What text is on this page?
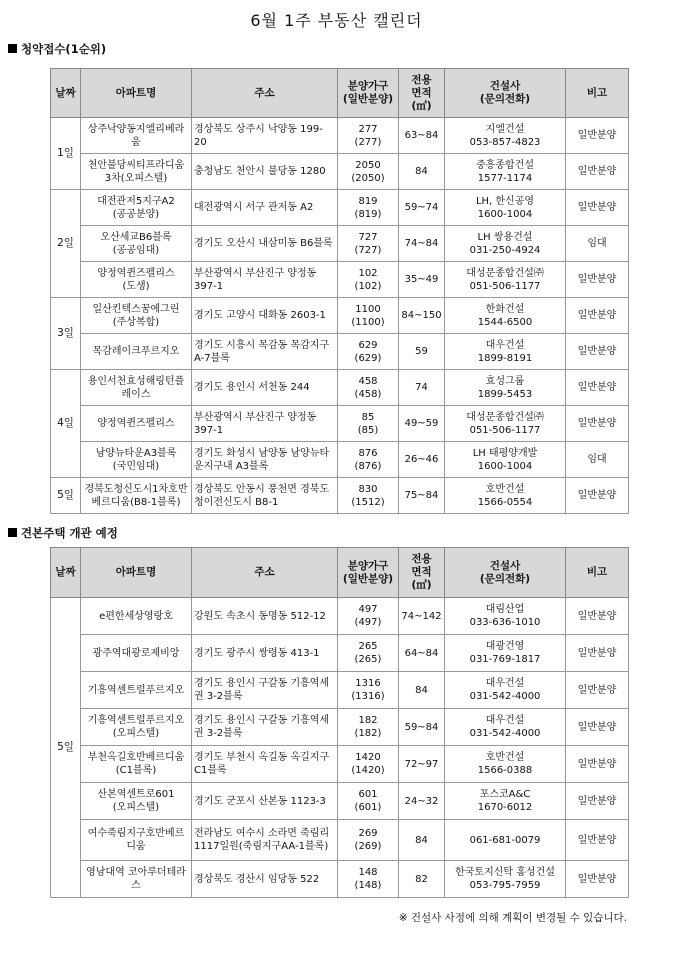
6월 1주 부동산 캘린더
청약접수(1순위)
날짜	아파트명	주소	분양가구
(일반분양)	전용
면적
(㎡)	건설사
(문의전화)	비고
1일	상주낙양동지엘리베라움	경상북도 상주시 낙양동 199-20	277
(277)	63~84	지엘건설
053-857-4823	일반분양
	천안불당씨티프라디움 3차(오피스텔)	충청남도 천안시 불당동 1280	2050
(2050)	84	중흥종합건설
1577-1174	일반분양
2일	대전관저5지구A2
(공공분양)	대전광역시 서구 관저동 A2	819
(819)	59~74	LH, 한신공영
1600-1004	일반분양
	오산세교B6블록
(공공임대)	경기도 오산시 내삼미동 B6블록	727
(727)	74~84	LH 쌍용건설
031-250-4924	임대
	양정역퀸즈펠리스
(도생)	부산광역시 부산진구 양정동 397-1	102
(102)	35~49	대성문종합건설㈜
051-506-1177	일반분양
3일	일산킨텍스꿈에그린
(주상복합)	경기도 고양시 대화동 2603-1	1100
(1100)	84~150	한화건설
1544-6500	일반분양
	목감레이크푸르지오	경기도 시흥시 목감동 목감지구 A-7블록	629
(629)	59	대우건설
1899-8191	일반분양
4일	용인서천효성해링턴플레이스	경기도 용인시 서천동 244	458
(458)	74	효성그룹
1899-5453	일반분양
	양정역퀸즈펠리스	부산광역시 부산진구 양정동 397-1	85
(85)	49~59	대성문종합건설㈜
051-506-1177	일반분양
	남양뉴타운A3블록
(국민임대)	경기도 화성시 남양동 남양뉴타운지구내 A3블록	876
(876)	26~46	LH 태평양개발
1600-1004	임대
5일	경북도청신도시1차호반베르디움(B8-1블록)	경상북도 안동시 풍천면 경북도청이전신도시 B8-1	830
(1512)	75~84	호반건설
1566-0554	일반분양
견본주택 개관 예정
날짜	아파트명	주소	분양가구
(일반분양)	전용
면적
(㎡)	건설사
(문의전화)	비고
5일	e편한세상영랑호	강원도 속초시 동명동 512-12	497
(497)	74~142	대림산업
033-636-1010	일반분양
	광주역대광로제비앙	경기도 광주시 쌍령동 413-1	265
(265)	64~84	대광건영
031-769-1817	일반분양
	기흥역센트럴푸르지오	경기도 용인시 구갈동 기흥역세권 3-2블록	1316
(1316)	84	대우건설
031-542-4000	일반분양
	기흥역센트럴푸르지오
(오피스텔)	경기도 용인시 구갈동 기흥역세권 3-2블록	182
(182)	59~84	대우건설
031-542-4000	일반분양
	부천옥길호반베르디움
(C1블록)	경기도 부천시 옥길동 옥길지구 C1블록	1420
(1420)	72~97	호반건설
1566-0388	일반분양
	산본역센트로601
(오피스텔)	경기도 군포시 산본동 1123-3	601
(601)	24~32	포스코A&C
1670-6012	일반분양
	여수죽림지구호반베르디움	전라남도 여수시 소라면 죽림리 1117일원(죽림지구AA-1블록)	269
(269)	84	061-681-0079	일반분양
	영남대역 코아루더테라스	경상북도 경산시 임당동 522	148
(148)	82	한국토지신탁 홍성건설
053-795-7959	일반분양
※ 건설사 사정에 의해 계획이 변경될 수 있습니다.
